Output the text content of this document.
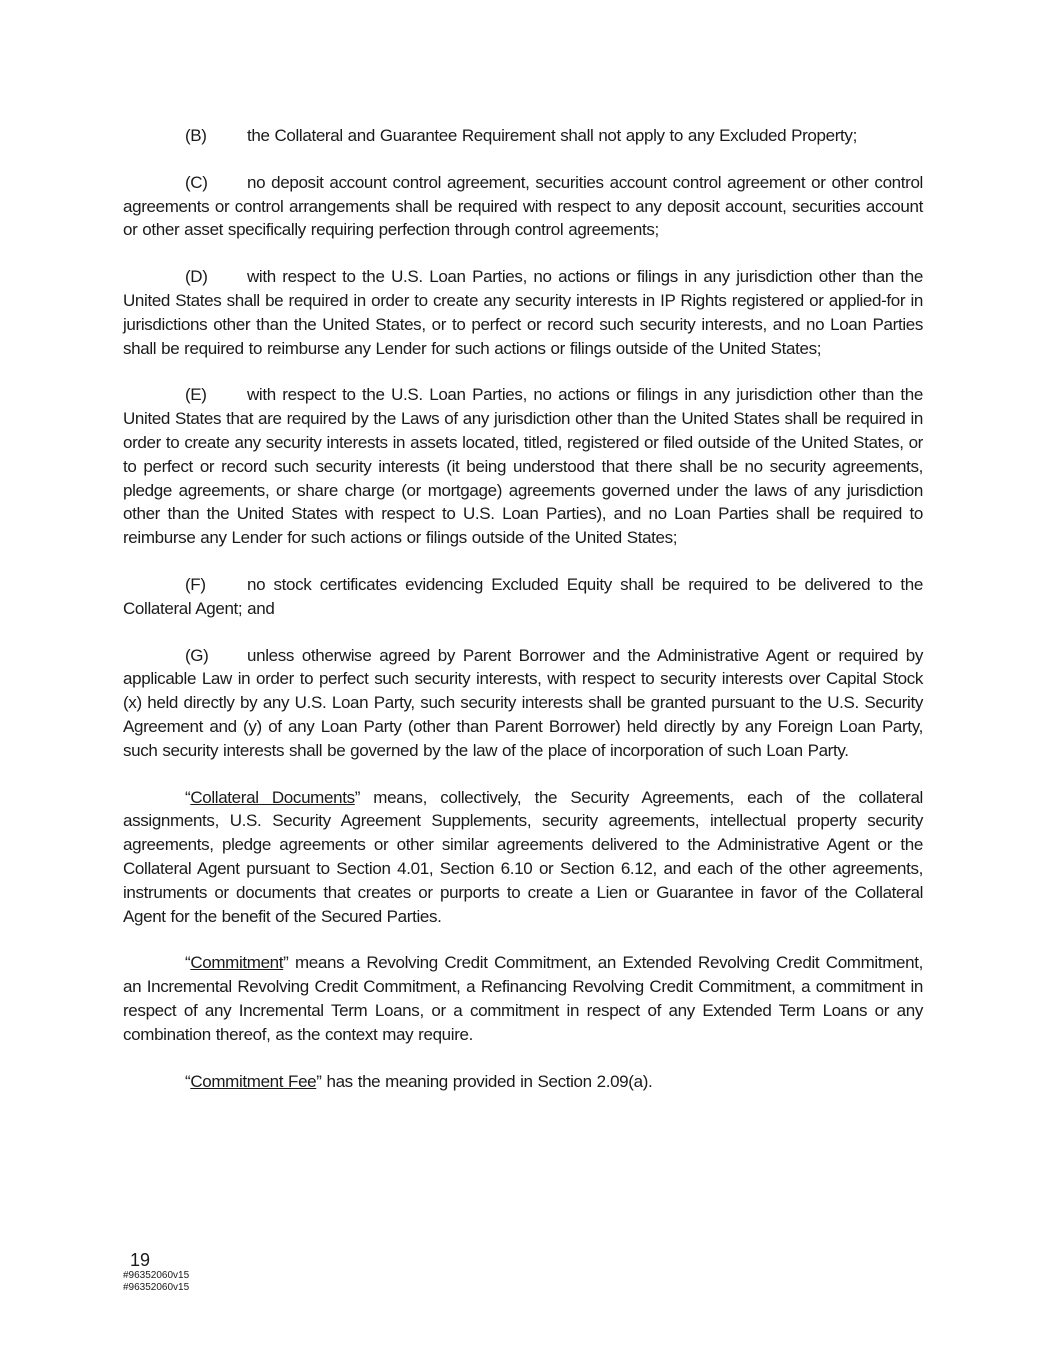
(B) the Collateral and Guarantee Requirement shall not apply to any Excluded Property;

(C) no deposit account control agreement, securities account control agreement or other control agreements or control arrangements shall be required with respect to any deposit account, securities account or other asset specifically requiring perfection through control agreements;

(D) with respect to the U.S. Loan Parties, no actions or filings in any jurisdiction other than the United States shall be required in order to create any security interests in IP Rights registered or applied-for in jurisdictions other than the United States, or to perfect or record such security interests, and no Loan Parties shall be required to reimburse any Lender for such actions or filings outside of the United States;

(E) with respect to the U.S. Loan Parties, no actions or filings in any jurisdiction other than the United States that are required by the Laws of any jurisdiction other than the United States shall be required in order to create any security interests in assets located, titled, registered or filed outside of the United States, or to perfect or record such security interests (it being understood that there shall be no security agreements, pledge agreements, or share charge (or mortgage) agreements governed under the laws of any jurisdiction other than the United States with respect to U.S. Loan Parties), and no Loan Parties shall be required to reimburse any Lender for such actions or filings outside of the United States;

(F) no stock certificates evidencing Excluded Equity shall be required to be delivered to the Collateral Agent; and

(G) unless otherwise agreed by Parent Borrower and the Administrative Agent or required by applicable Law in order to perfect such security interests, with respect to security interests over Capital Stock (x) held directly by any U.S. Loan Party, such security interests shall be granted pursuant to the U.S. Security Agreement and (y) of any Loan Party (other than Parent Borrower) held directly by any Foreign Loan Party, such security interests shall be governed by the law of the place of incorporation of such Loan Party.

“Collateral Documents” means, collectively, the Security Agreements, each of the collateral assignments, U.S. Security Agreement Supplements, security agreements, intellectual property security agreements, pledge agreements or other similar agreements delivered to the Administrative Agent or the Collateral Agent pursuant to Section 4.01, Section 6.10 or Section 6.12, and each of the other agreements, instruments or documents that creates or purports to create a Lien or Guarantee in favor of the Collateral Agent for the benefit of the Secured Parties.

“Commitment” means a Revolving Credit Commitment, an Extended Revolving Credit Commitment, an Incremental Revolving Credit Commitment, a Refinancing Revolving Credit Commitment, a commitment in respect of any Incremental Term Loans, or a commitment in respect of any Extended Term Loans or any combination thereof, as the context may require.

“Commitment Fee” has the meaning provided in Section 2.09(a).

19
#96352060v15
#96352060v15
